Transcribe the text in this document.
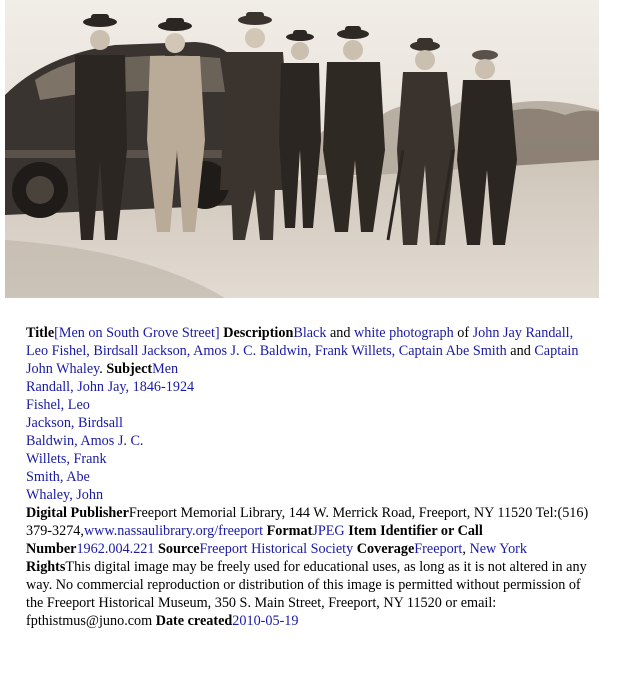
Title[Men on South Grove Street] DescriptionBlack and white photograph of John Jay Randall, Leo Fishel, Birdsall Jackson, Amos J. C. Baldwin, Frank Willets, Captain Abe Smith and Captain John Whaley. SubjectMen
Randall, John Jay, 1846-1924
Fishel, Leo
Jackson, Birdsall
Baldwin, Amos J. C.
Willets, Frank
Smith, Abe
Whaley, John
Digital PublisherFreeport Memorial Library, 144 W. Merrick Road, Freeport, NY 11520 Tel:(516) 379-3274,www.nassaulibrary.org/freeport FormatJPEG Item Identifier or Call Number1962.004.221 SourceFreeport Historical Society CoverageFreeport, New York RightsThis digital image may be freely used for educational uses, as long as it is not altered in any way. No commercial reproduction or distribution of this image is permitted without permission of the Freeport Historical Museum, 350 S. Main Street, Freeport, NY 11520 or email: fpthistmus@juno.com Date created2010-05-19
